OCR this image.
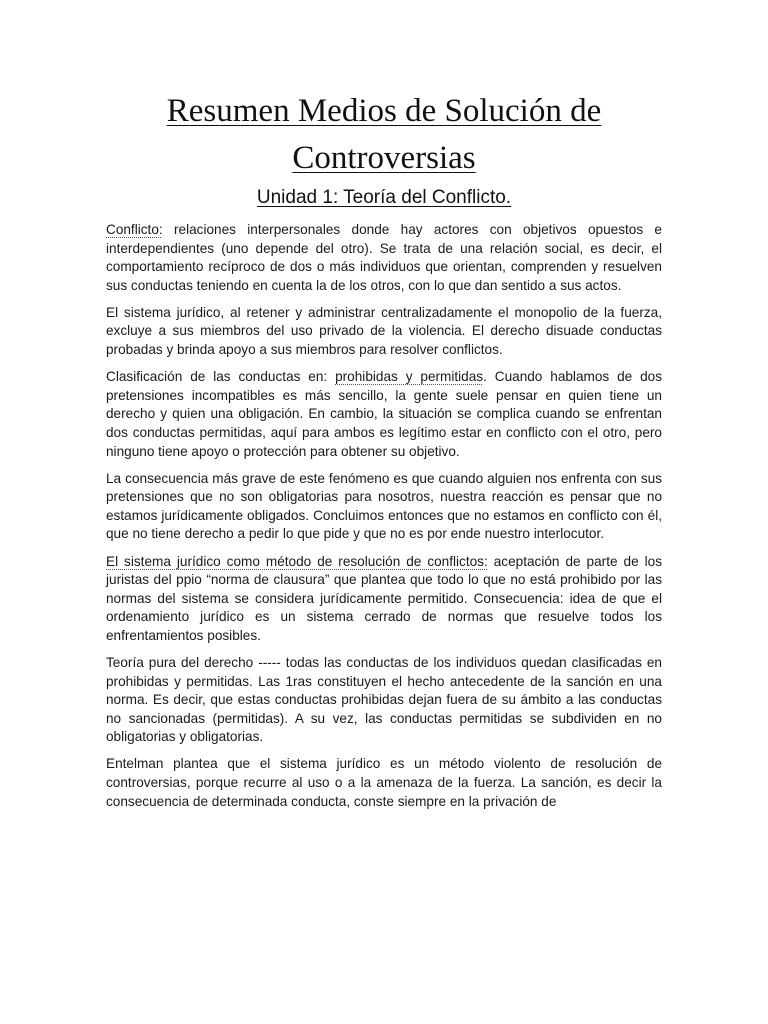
Resumen Medios de Solución de Controversias
Unidad 1: Teoría del Conflicto.

Conflicto: relaciones interpersonales donde hay actores con objetivos opuestos e interdependientes (uno depende del otro). Se trata de una relación social, es decir, el comportamiento recíproco de dos o más individuos que orientan, comprenden y resuelven sus conductas teniendo en cuenta la de los otros, con lo que dan sentido a sus actos.

El sistema jurídico, al retener y administrar centralizadamente el monopolio de la fuerza, excluye a sus miembros del uso privado de la violencia. El derecho disuade conductas probadas y brinda apoyo a sus miembros para resolver conflictos.

Clasificación de las conductas en: prohibidas y permitidas. Cuando hablamos de dos pretensiones incompatibles es más sencillo, la gente suele pensar en quien tiene un derecho y quien una obligación. En cambio, la situación se complica cuando se enfrentan dos conductas permitidas, aquí para ambos es legítimo estar en conflicto con el otro, pero ninguno tiene apoyo o protección para obtener su objetivo.

La consecuencia más grave de este fenómeno es que cuando alguien nos enfrenta con sus pretensiones que no son obligatorias para nosotros, nuestra reacción es pensar que no estamos jurídicamente obligados. Concluimos entonces que no estamos en conflicto con él, que no tiene derecho a pedir lo que pide y que no es por ende nuestro interlocutor.

El sistema jurídico como método de resolución de conflictos: aceptación de parte de los juristas del ppio “norma de clausura” que plantea que todo lo que no está prohibido por las normas del sistema se considera jurídicamente permitido. Consecuencia: idea de que el ordenamiento jurídico es un sistema cerrado de normas que resuelve todos los enfrentamientos posibles.

Teoría pura del derecho ----- todas las conductas de los individuos quedan clasificadas en prohibidas y permitidas. Las 1ras constituyen el hecho antecedente de la sanción en una norma. Es decir, que estas conductas prohibidas dejan fuera de su ámbito a las conductas no sancionadas (permitidas). A su vez, las conductas permitidas se subdividen en no obligatorias y obligatorias.

Entelman plantea que el sistema jurídico es un método violento de resolución de controversias, porque recurre al uso o a la amenaza de la fuerza. La sanción, es decir la consecuencia de determinada conducta, conste siempre en la privación de
